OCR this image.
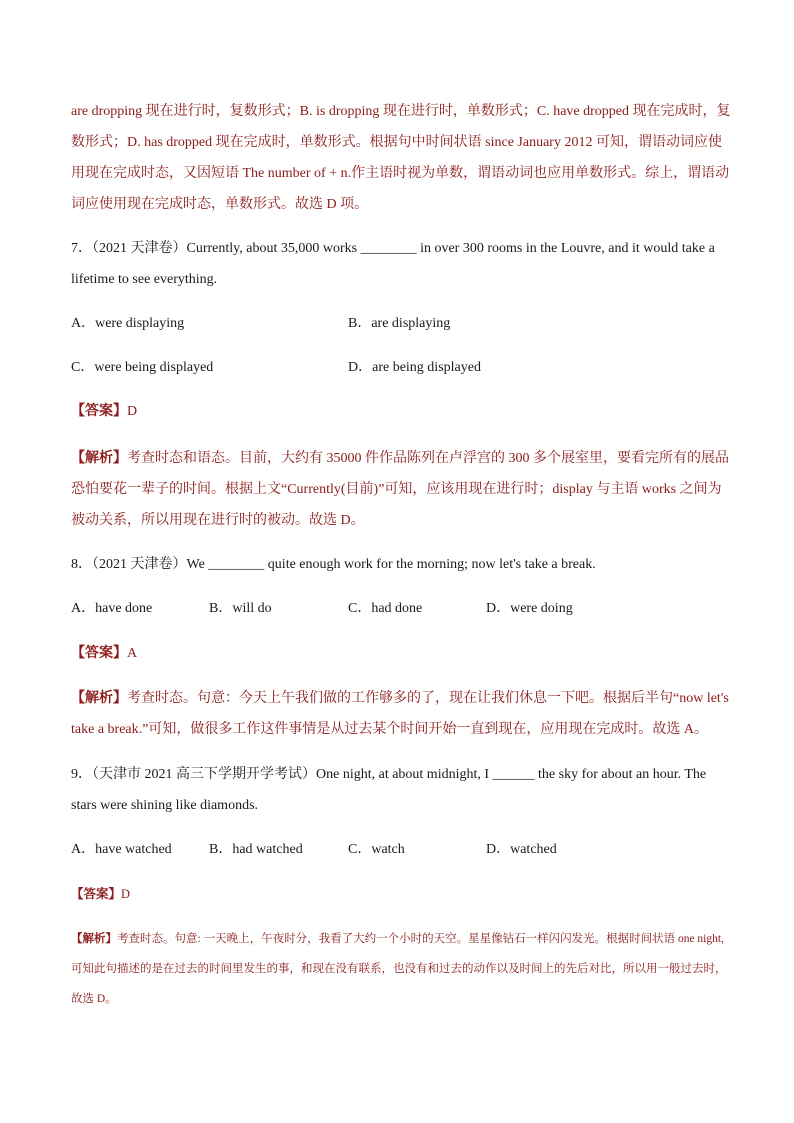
are dropping 现在进行时，复数形式；B. is dropping 现在进行时，单数形式；C. have dropped 现在完成时，复数形式；D. has dropped 现在完成时，单数形式。根据句中时间状语 since January 2012 可知，谓语动词应使用现在完成时态，又因短语 The number of + n.作主语时视为单数，谓语动词也应用单数形式。综上，谓语动词应使用现在完成时态，单数形式。故选 D 项。

7．（2021 天津卷）Currently, about 35,000 works ________ in over 300 rooms in the Louvre, and it would take a lifetime to see everything.

A．were displaying	B．are displaying
C．were being displayed	D．are being displayed
【答案】D

【解析】考查时态和语态。目前，大约有 35000 件作品陈列在卢浮宫的 300 多个展室里，要看完所有的展品恐怕要花一辈子的时间。根据上文“Currently(目前)”可知，应该用现在进行时；display 与主语 works 之间为被动关系，所以用现在进行时的被动。故选 D。

8．（2021 天津卷）We ________ quite enough work for the morning; now let's take a break.

A．have done	B．will do	C．had done	D．were doing
【答案】A

【解析】考查时态。句意：今天上午我们做的工作够多的了，现在让我们休息一下吧。根据后半句“now let's take a break.”可知，做很多工作这件事情是从过去某个时间开始一直到现在，应用现在完成时。故选 A。

9．（天津市 2021 高三下学期开学考试）One night, at about midnight, I ______ the sky for about an hour. The stars were shining like diamonds.

A．have watched	B．had watched	C．watch	D．watched
【答案】D

【解析】考查时态。句意: 一天晚上，午夜时分，我看了大约一个小时的天空。星星像钻石一样闪闪发光。根据时间状语 one night, 可知此句描述的是在过去的时间里发生的事，和现在没有联系，也没有和过去的动作以及时间上的先后对比，所以用一般过去时，故选 D。
